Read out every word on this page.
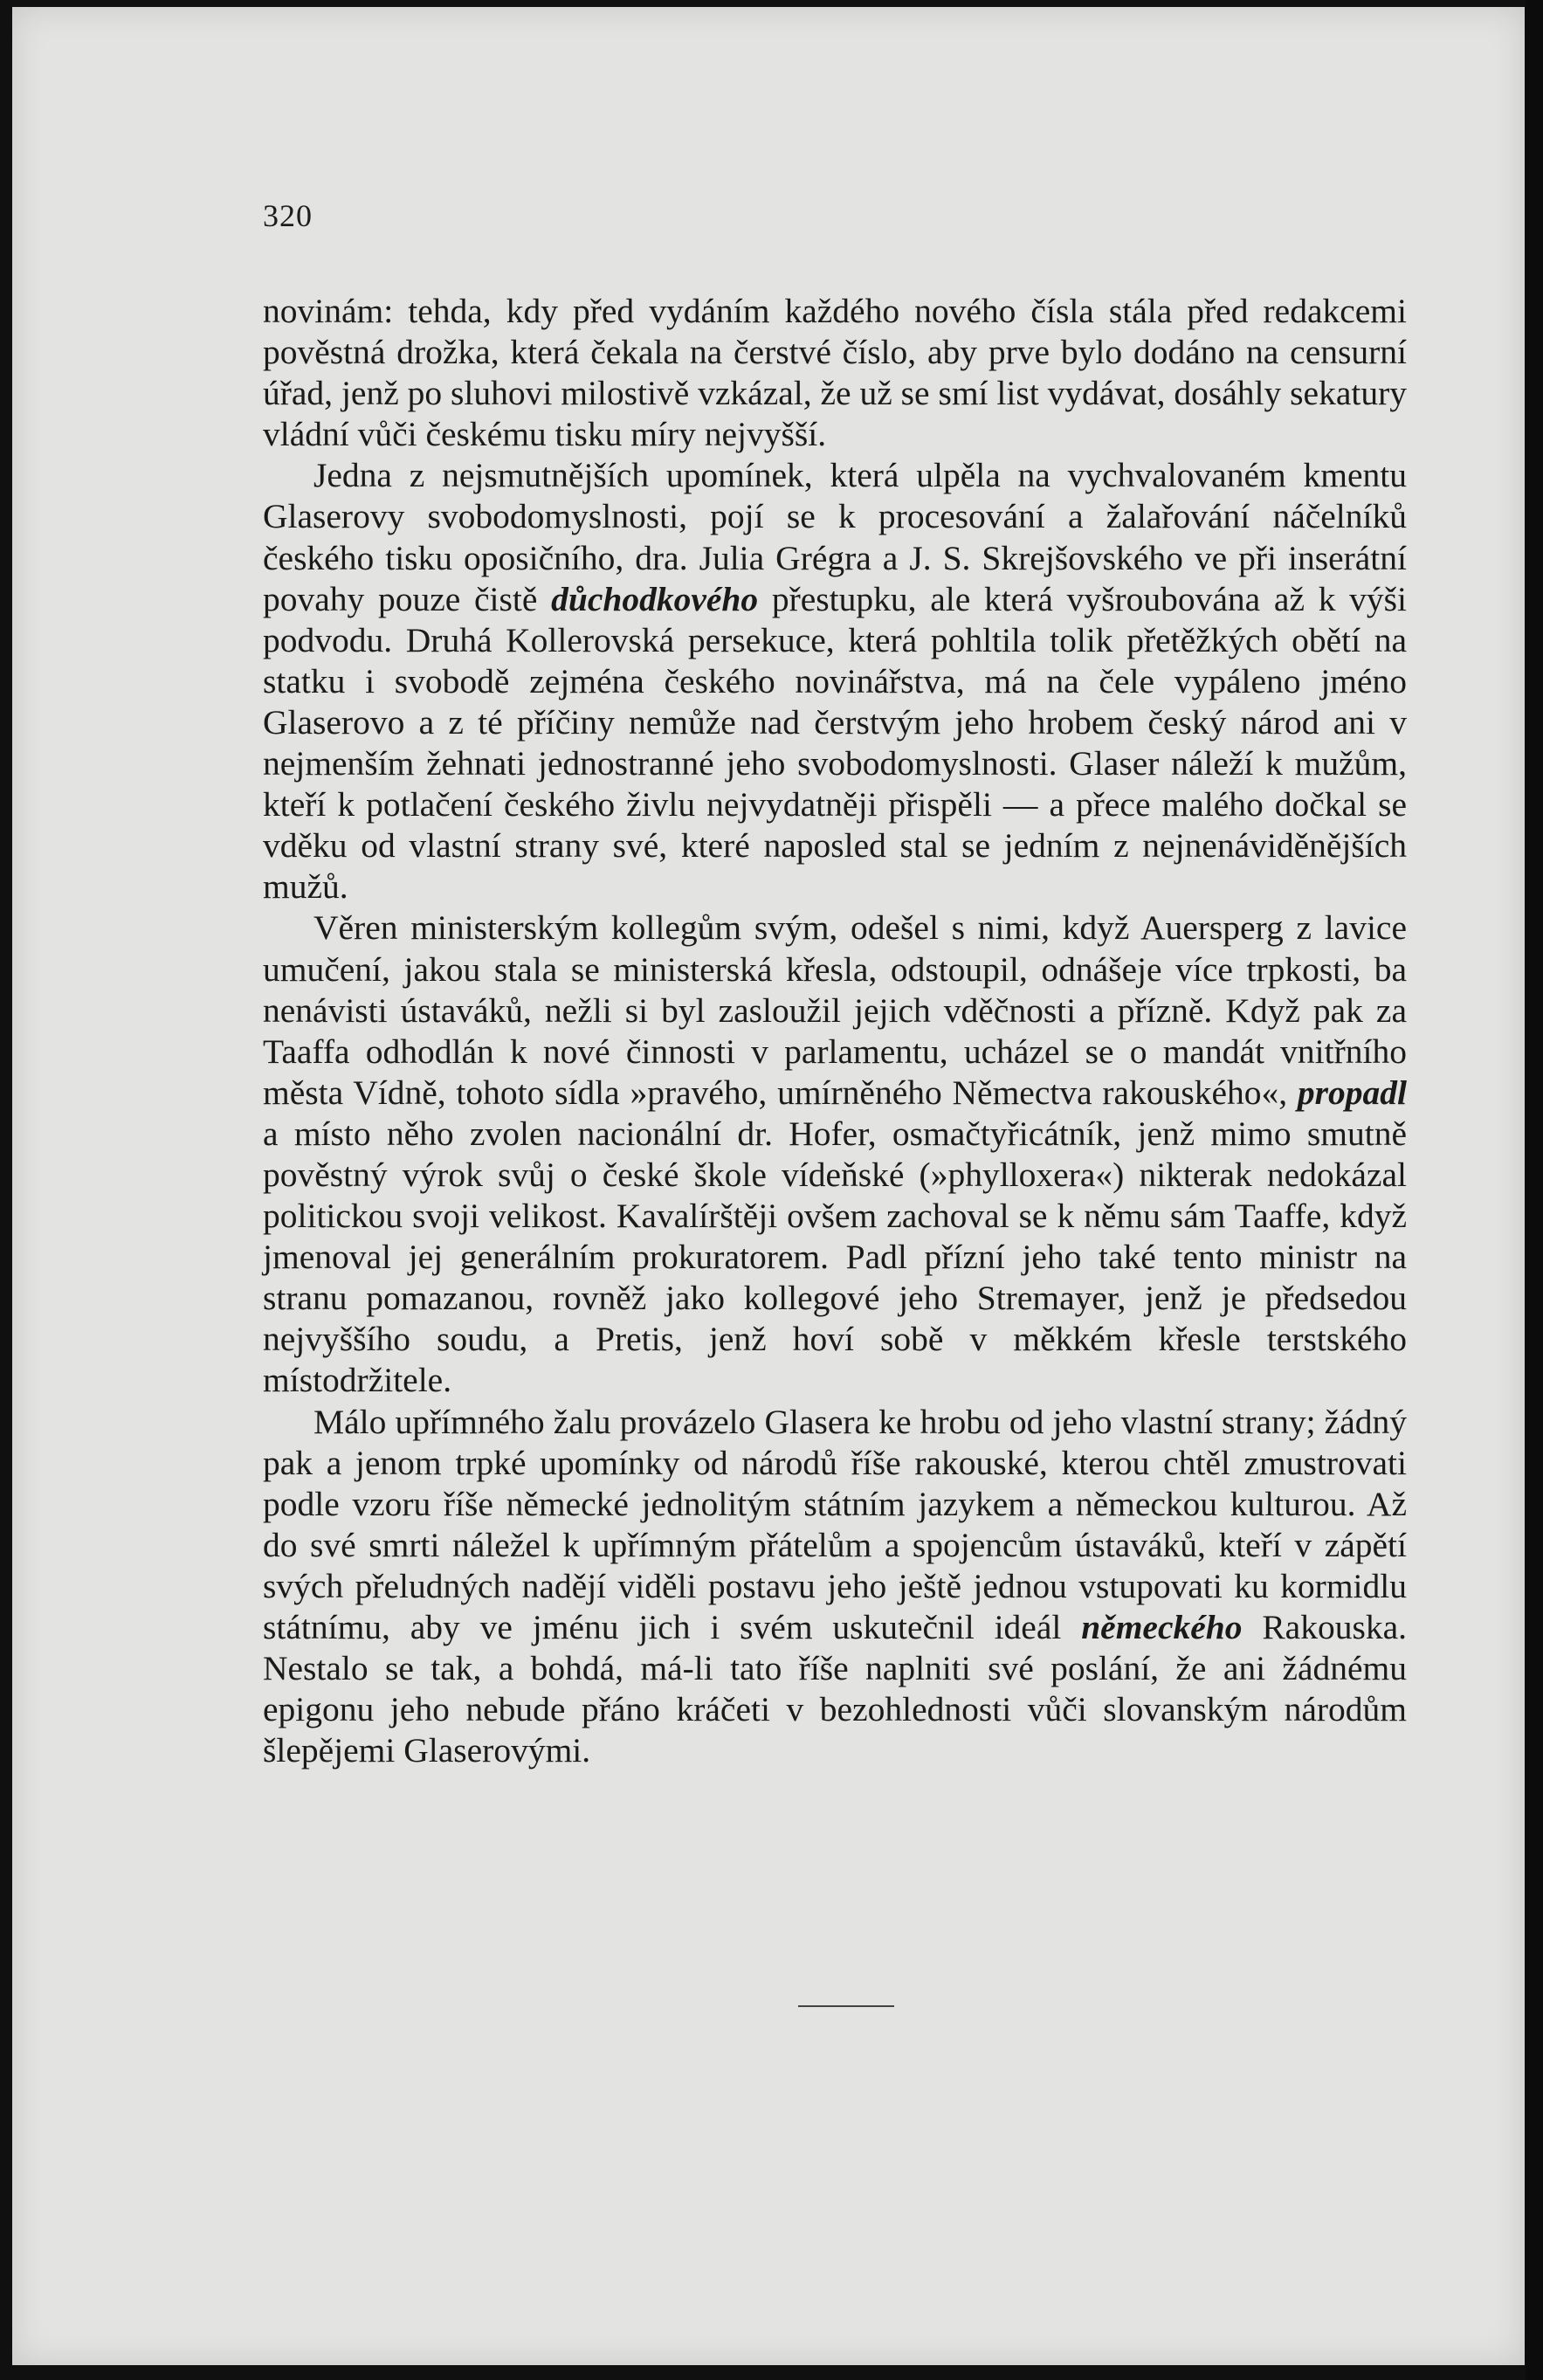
320

novinám: tehda, kdy před vydáním každého nového čísla stála před redakcemi pověstná drožka, která čekala na čerstvé číslo, aby prve bylo dodáno na censurní úřad, jenž po sluhovi milostivě vzkázal, že už se smí list vydávat, dosáhly sekatury vládní vůči českému tisku míry nejvyšší.

Jedna z nejsmutnějších upomínek, která ulpěla na vychvalovaném kmentu Glaserovy svobodomyslnosti, pojí se k procesování a žalařování náčelníků českého tisku oposičního, dra. Julia Grégra a J. S. Skrejšovského ve při inserátní povahy pouze čistě důchodkového přestupku, ale která vyšroubována až k výši podvodu. Druhá Kollerovská persekuce, která pohltila tolik přetěžkých obětí na statku i svobodě zejména českého novinářstva, má na čele vypáleno jméno Glaserovo a z té příčiny nemůže nad čerstvým jeho hrobem český národ ani v nejmenším žehnati jednostranné jeho svobodomyslnosti. Glaser náleží k mužům, kteří k potlačení českého živlu nejvydatněji přispěli — a přece malého dočkal se vděku od vlastní strany své, které naposled stal se jedním z nejnenáviděnějších mužů.

Věren ministerským kollegům svým, odešel s nimi, když Auersperg z lavice umučení, jakou stala se ministerská křesla, odstoupil, odnášeje více trpkosti, ba nenávisti ústaváků, nežli si byl zasloužil jejich vděčnosti a přízně. Když pak za Taaffa odhodlán k nové činnosti v parlamentu, ucházel se o mandát vnitřního města Vídně, tohoto sídla »pravého, umírněného Němectva rakouského«, propadl a místo něho zvolen nacionální dr. Hofer, osmačtyřicátník, jenž mimo smutně pověstný výrok svůj o české škole vídeňské (»phylloxera«) nikterak nedokázal politickou svoji velikost. Kavalírštěji ovšem zachoval se k němu sám Taaffe, když jmenoval jej generálním prokuratorem. Padl přízní jeho také tento ministr na stranu pomazanou, rovněž jako kollegové jeho Stremayer, jenž je předsedou nejvyššího soudu, a Pretis, jenž hoví sobě v měkkém křesle terstského místodržitele.

Málo upřímného žalu provázelo Glasera ke hrobu od jeho vlastní strany; žádný pak a jenom trpké upomínky od národů říše rakouské, kterou chtěl zmustrovati podle vzoru říše německé jednolitým státním jazykem a německou kulturou. Až do své smrti náležel k upřímným přátelům a spojencům ústaváků, kteří v zápětí svých přeludných nadějí viděli postavu jeho ještě jednou vstupovati ku kormidlu státnímu, aby ve jménu jich i svém uskutečnil ideál německého Rakouska. Nestalo se tak, a bohdá, má-li tato říše naplniti své poslání, že ani žádnému epigonu jeho nebude přáno kráčeti v bezohlednosti vůči slovanským národům šlepějemi Glaserovými.
